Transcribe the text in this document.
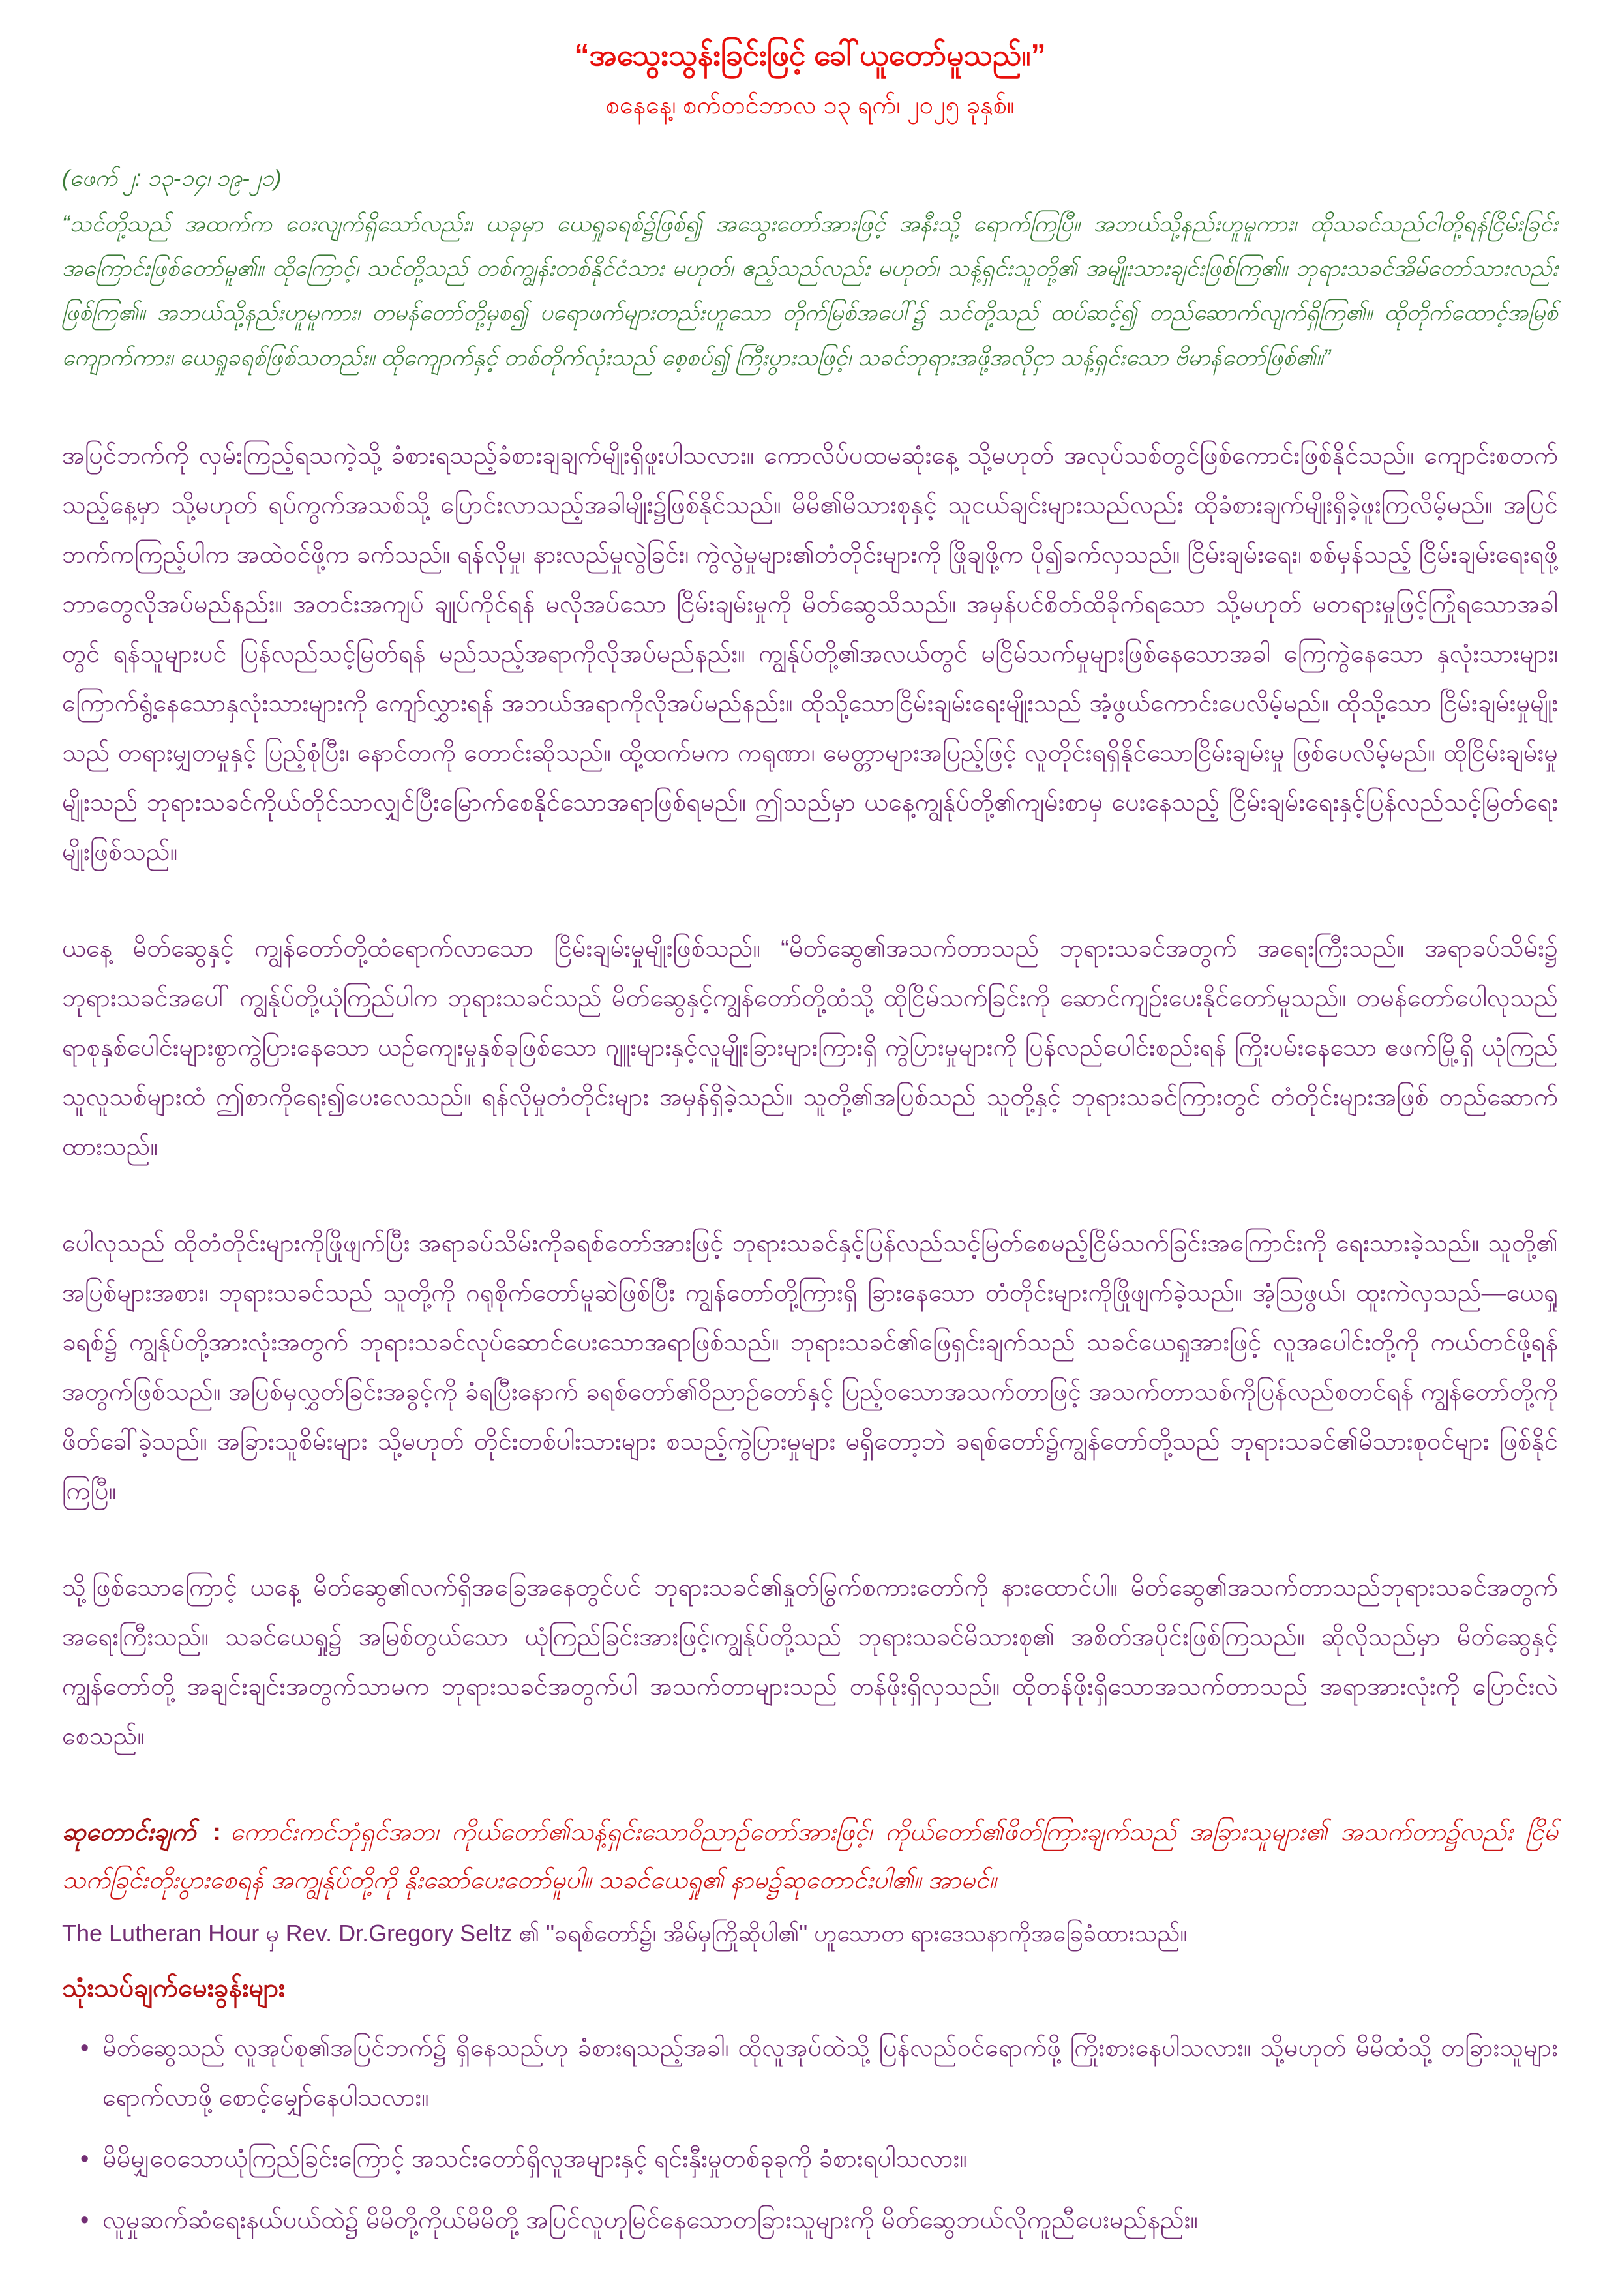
“အသွေးသွန်းခြင်းဖြင့် ခေါ်ယူတော်မူသည်။”
စနေနေ့၊ စက်တင်ဘာလ ၁၃ ရက်၊ ၂၀၂၅ ခုနှစ်။
(ဖေက် ၂: ၁၃-၁၄၊ ၁၉-၂၁)
“သင်တို့သည် အထက်က ဝေးလျက်ရှိသော်လည်း၊ ယခုမှာ ယေရှုခရစ်၌ဖြစ်၍ အသွေးတော်အားဖြင့် အနီးသို့ ရောက်ကြပြီ။ အဘယ်သို့နည်းဟူမူကား၊ ထိုသခင်သည်ငါတို့ရန်ငြိမ်းခြင်းအကြောင်းဖြစ်တော်မူ၏။ ထိုကြောင့်၊ သင်တို့သည် တစ်ကျွန်းတစ်နိုင်ငံသား မဟုတ်၊ ဧည့်သည်လည်း မဟုတ်၊ သန့်ရှင်းသူတို့၏ အမျိုးသားချင်းဖြစ်ကြ၏။ ဘုရားသခင်အိမ်တော်သားလည်း ဖြစ်ကြ၏။ အဘယ်သို့နည်းဟူမူကား၊ တမန်တော်တို့မှစ၍ ပရောဖက်များတည်းဟူသော တိုက်မြစ်အပေါ်၌ သင်တို့သည် ထပ်ဆင့်၍ တည်ဆောက်လျက်ရှိကြ၏။ ထိုတိုက်ထောင့်အမြစ်ကျောက်ကား၊ ယေရှုခရစ်ဖြစ်သတည်း။ ထိုကျောက်နှင့် တစ်တိုက်လုံးသည် စေ့စပ်၍ ကြီးပွားသဖြင့်၊ သခင်ဘုရားအဖို့အလိုငှာ သန့်ရှင်းသော ဗိမာန်တော်ဖြစ်၏။”

အပြင်ဘက်ကို လှမ်းကြည့်ရသကဲ့သို့ ခံစားရသည့်ခံစားချချက်မျိုးရှိဖူးပါသလား။ ကောလိပ်ပထမဆုံးနေ့ သို့မဟုတ် အလုပ်သစ်တွင်ဖြစ်ကောင်းဖြစ်နိုင်သည်။ ကျောင်းစတက်သည့်နေ့မှာ သို့မဟုတ် ရပ်ကွက်အသစ်သို့ ပြောင်းလာသည့်အခါမျိုး၌ဖြစ်နိုင်သည်။ မိမိ၏မိသားစုနှင့် သူငယ်ချင်းများသည်လည်း ထိုခံစားချက်မျိုးရှိခဲ့ဖူးကြလိမ့်မည်။ အပြင်ဘက်ကကြည့်ပါက အထဲဝင်ဖို့က ခက်သည်။ ရန်လိုမှု၊ နားလည်မှုလွဲခြင်း၊ ကွဲလွဲမှုများ၏တံတိုင်းများကို ဖြိုချဖို့က ပို၍ခက်လှသည်။ ငြိမ်းချမ်းရေး၊ စစ်မှန်သည့် ငြိမ်းချမ်းရေးရဖို့ ဘာတွေလိုအပ်မည်နည်း။ အတင်းအကျပ် ချုပ်ကိုင်ရန် မလိုအပ်သော ငြိမ်းချမ်းမှုကို မိတ်ဆွေသိသည်။ အမှန်ပင်စိတ်ထိခိုက်ရသော သို့မဟုတ် မတရားမှုဖြင့်ကြုံရသောအခါတွင် ရန်သူများပင် ပြန်လည်သင့်မြတ်ရန် မည်သည့်အရာကိုလိုအပ်မည်နည်း။ ကျွန်ုပ်တို့၏အလယ်တွင် မငြိမ်သက်မှုများဖြစ်နေသောအခါ ကြေကွဲနေသော နှလုံးသားများ၊ ကြောက်ရွံ့နေသောနှလုံးသားများကို ကျော်လွှားရန် အဘယ်အရာကိုလိုအပ်မည်နည်း။ ထိုသို့သောငြိမ်းချမ်းရေးမျိုးသည် အံ့ဖွယ်ကောင်းပေလိမ့်မည်။ ထိုသို့သော ငြိမ်းချမ်းမှုမျိုးသည် တရားမျှတမှုနှင့် ပြည့်စုံပြီး၊ နောင်တကို တောင်းဆိုသည်။ ထို့ထက်မက ကရုဏာ၊ မေတ္တာများအပြည့်ဖြင့် လူတိုင်းရရှိနိုင်သောငြိမ်းချမ်းမှု ဖြစ်ပေလိမ့်မည်။ ထိုငြိမ်းချမ်းမှုမျိုးသည် ဘုရားသခင်ကိုယ်တိုင်သာလျှင်ပြီးမြောက်စေနိုင်သောအရာဖြစ်ရမည်။ ဤသည်မှာ ယနေ့ကျွန်ုပ်တို့၏ကျမ်းစာမှ ပေးနေသည့် ငြိမ်းချမ်းရေးနှင့်ပြန်လည်သင့်မြတ်ရေးမျိုးဖြစ်သည်။

ယနေ့ မိတ်ဆွေနှင့် ကျွန်တော်တို့ထံရောက်လာသော ငြိမ်းချမ်းမှုမျိုးဖြစ်သည်။ “မိတ်ဆွေ၏အသက်တာသည် ဘုရားသခင်အတွက် အရေးကြီးသည်။ အရာခပ်သိမ်း၌ ဘုရားသခင်အပေါ် ကျွန်ုပ်တို့ယုံကြည်ပါက ဘုရားသခင်သည် မိတ်ဆွေနှင့်ကျွန်တော်တို့ထံသို့ ထိုငြိမ်သက်ခြင်းကို ဆောင်ကျဉ်းပေးနိုင်တော်မူသည်။ တမန်တော်ပေါလုသည် ရာစုနှစ်ပေါင်းများစွာကွဲပြားနေသော ယဉ်ကျေးမှုနှစ်ခုဖြစ်သော ဂျူးများနှင့်လူမျိုးခြားများကြားရှိ ကွဲပြားမှုများကို ပြန်လည်ပေါင်းစည်းရန် ကြိုးပမ်းနေသော ဧဖက်မြို့ရှိ ယုံကြည်သူလူသစ်များထံ ဤစာကိုရေး၍ပေးလေသည်။ ရန်လိုမှုတံတိုင်းများ အမှန်ရှိခဲ့သည်။ သူတို့၏အပြစ်သည် သူတို့နှင့် ဘုရားသခင်ကြားတွင် တံတိုင်းများအဖြစ် တည်ဆောက်ထားသည်။

ပေါလုသည် ထိုတံတိုင်းများကိုဖြိုဖျက်ပြီး အရာခပ်သိမ်းကိုခရစ်တော်အားဖြင့် ဘုရားသခင်နှင့်ပြန်လည်သင့်မြတ်စေမည့်ငြိမ်သက်ခြင်းအကြောင်းကို ရေးသားခဲ့သည်။ သူတို့၏ အပြစ်များအစား၊ ဘုရားသခင်သည် သူတို့ကို ဂရုစိုက်တော်မူဆဲဖြစ်ပြီး ကျွန်တော်တို့ကြားရှိ ခြားနေသော တံတိုင်းများကိုဖြိုဖျက်ခဲ့သည်။ အံ့သြဖွယ်၊ ထူးကဲလှသည်—ယေရှုခရစ်၌ ကျွန်ုပ်တို့အားလုံးအတွက် ဘုရားသခင်လုပ်ဆောင်ပေးသောအရာဖြစ်သည်။ ဘုရားသခင်၏ဖြေရှင်းချက်သည် သခင်ယေရှုအားဖြင့် လူအပေါင်းတို့ကို ကယ်တင်ဖို့ရန်အတွက်ဖြစ်သည်။ အပြစ်မှလွှတ်ခြင်းအခွင့်ကို ခံရပြီးနောက် ခရစ်တော်၏ဝိညာဉ်တော်နှင့် ပြည့်ဝသောအသက်တာဖြင့် အသက်တာသစ်ကိုပြန်လည်စတင်ရန် ကျွန်တော်တို့ကို ဖိတ်ခေါ်ခဲ့သည်။ အခြားသူစိမ်းများ သို့မဟုတ် တိုင်းတစ်ပါးသားများ စသည့်ကွဲပြားမှုများ မရှိတော့ဘဲ ခရစ်တော်၌ကျွန်တော်တို့သည် ဘုရားသခင်၏မိသားစုဝင်များ ဖြစ်နိုင်ကြပြီ။

သို့ဖြစ်သောကြောင့် ယနေ့ မိတ်ဆွေ၏လက်ရှိအခြေအနေတွင်ပင် ဘုရားသခင်၏နှုတ်မြွက်စကားတော်ကို နားထောင်ပါ။ မိတ်ဆွေ၏အသက်တာသည်ဘုရားသခင်အတွက်အရေးကြီးသည်။ သခင်ယေရှု၌ အမြစ်တွယ်သော ယုံကြည်ခြင်းအားဖြင့်၊ကျွန်ုပ်တို့သည် ဘုရားသခင်မိသားစု၏ အစိတ်အပိုင်းဖြစ်ကြသည်။ ဆိုလိုသည်မှာ မိတ်ဆွေနှင့် ကျွန်တော်တို့ အချင်းချင်းအတွက်သာမက ဘုရားသခင်အတွက်ပါ အသက်တာများသည် တန်ဖိုးရှိလှသည်။ ထိုတန်ဖိုးရှိသောအသက်တာသည် အရာအားလုံးကို ပြောင်းလဲစေသည်။

ဆုတောင်းချက် : ကောင်းကင်ဘုံရှင်အဘ၊ ကိုယ်တော်၏သန့်ရှင်းသောဝိညာဉ်တော်အားဖြင့်၊ ကိုယ်တော်၏ဖိတ်ကြားချက်သည် အခြားသူများ၏ အသက်တာ၌လည်း ငြိမ်သက်ခြင်းတိုးပွားစေရန် အကျွန်ုပ်တို့ကို နိုးဆော်ပေးတော်မူပါ။ သခင်ယေရှု၏ နာမ၌ဆုတောင်းပါ၏။ အာမင်။

The Lutheran Hour မှ Rev. Dr.Gregory Seltz ၏ "ခရစ်တော်၌၊ အိမ်မှကြိုဆိုပါ၏" ဟူသောတ ရားဒေသနာကိုအခြေခံထားသည်။

သုံးသပ်ချက်မေးခွန်းများ
• မိတ်ဆွေသည် လူအုပ်စု၏အပြင်ဘက်၌ ရှိနေသည်ဟု ခံစားရသည့်အခါ၊ ထိုလူအုပ်ထဲသို့ ပြန်လည်ဝင်ရောက်ဖို့ ကြိုးစားနေပါသလား။ သို့မဟုတ် မိမိထံသို့ တခြားသူများရောက်လာဖို့ စောင့်မျှော်နေပါသလား။
• မိမိမျှဝေသောယုံကြည်ခြင်းကြောင့် အသင်းတော်ရှိလူအများနှင့် ရင်းနှီးမှုတစ်ခုခုကို ခံစားရပါသလား။
• လူမှုဆက်ဆံရေးနယ်ပယ်ထဲ၌ မိမိတို့ကိုယ်မိမိတို့ အပြင်လူဟုမြင်နေသောတခြားသူများကို မိတ်ဆွေဘယ်လိုကူညီပေးမည်နည်း။
